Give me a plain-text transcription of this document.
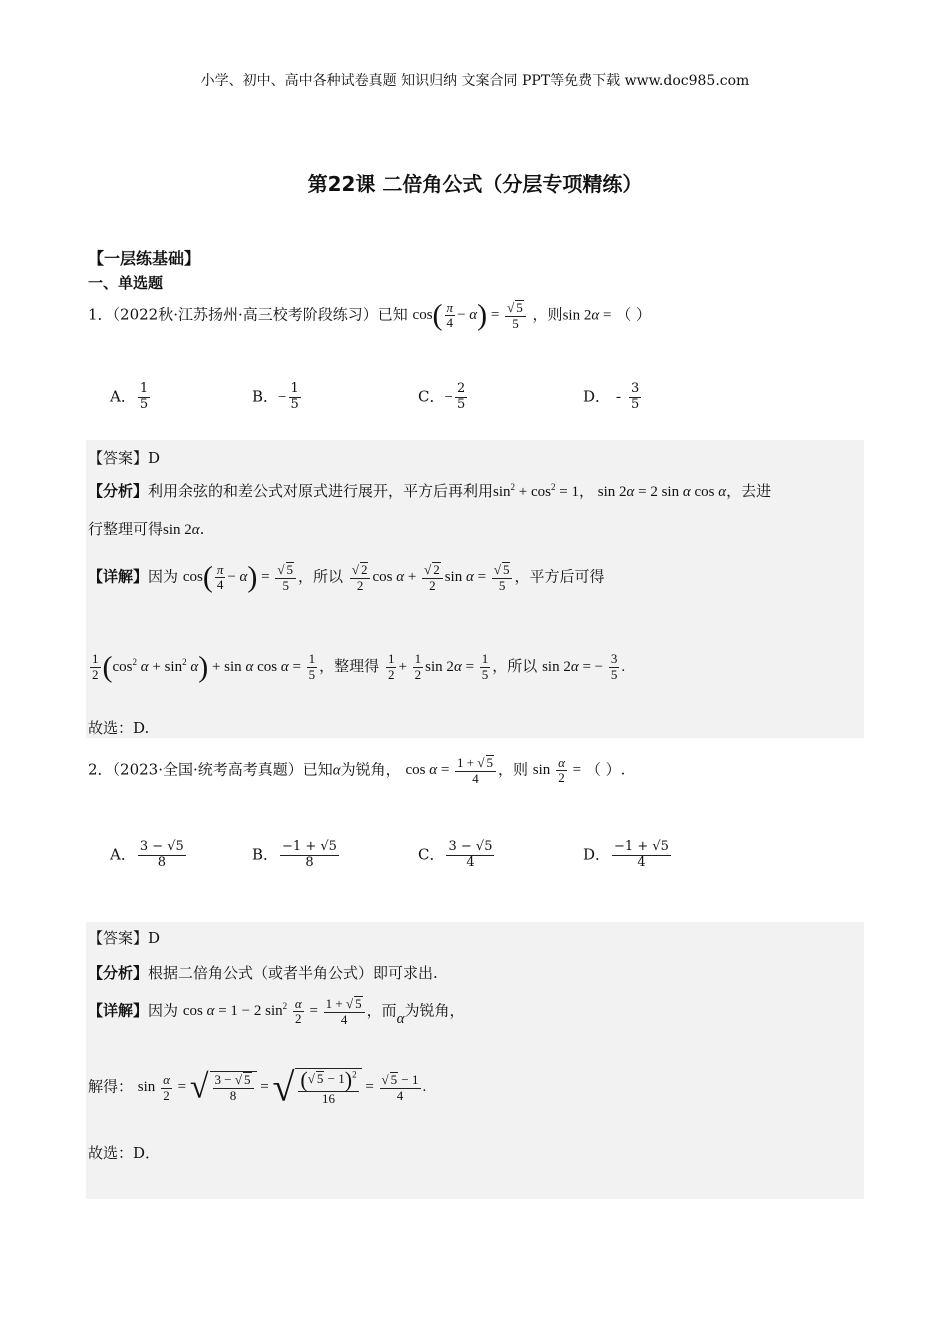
小学、初中、高中各种试卷真题 知识归纳 文案合同 PPT等免费下载 www.doc985.com
第22课 二倍角公式（分层专项精练）
【一层练基础】
一、单选题
1．（2022秋·江苏扬州·高三校考阶段练习）已知 $\cos( \frac{\pi}{4} - \alpha) = \frac{√ 5}{5}$ ，则sin 2α = （ ）
A． $\frac{1}{5}$	B．− $\frac{1}{5}$	C．− $\frac{2}{5}$	D． - $\frac{3}{5}$
【答案】D
【分析】利用余弦的和差公式对原式进行展开，平方后再利用$\sin^2 + \cos^2 = 1$， sin 2α = 2 sin α cos α，去进
行整理可得sin 2α.
【详解】因为 $\cos( \frac{\pi}{4} - \alpha) = \frac{√ 5}{5}$ ，所以 $\frac{√ 2}{2}$ $\cos \alpha + \frac{√ 2}{2}$ $\sin \alpha = \frac{√ 5}{5}$ ，平方后可得
$\frac{1}{2} (\cos^2$ $\alpha + \sin^2 \alpha) + \sin \alpha$ $\cos \alpha = \frac{1}{5}$ ，整理得 $\frac{1}{2} + \frac{1}{2}$ $\sin 2\alpha = \frac{1}{5}$ ，所以 sin 2α = − $\frac{3}{5}$ .
故选：D.
2．（2023·全国·统考高考真题）已知α为锐角， $\cos \alpha = \frac{1 + √ 5}{4}$ ，则 $\sin \frac{\alpha}{2}$ = （ ）.
A． $\frac{3 - √5}{8}$	B． $\frac{-1 + √5}{8}$	C． $\frac{3 - √5}{4}$	D． $\frac{-1 + √5}{4}$
【答案】D
【分析】根据二倍角公式（或者半角公式）即可求出.
【详解】因为 cos α = 1 − 2 $\sin^2 \frac{\alpha}{2} = \frac{1 + √ 5}{4}$ ，而α为锐角，
解得： $\sin \frac{\alpha}{2}$ = √ $\frac{3 - √ 5}{8}$ = √ $\frac{(√ 5 - 1)^2}{16} = \frac{√ 5 - 1}{4}$ .
故选：D．
